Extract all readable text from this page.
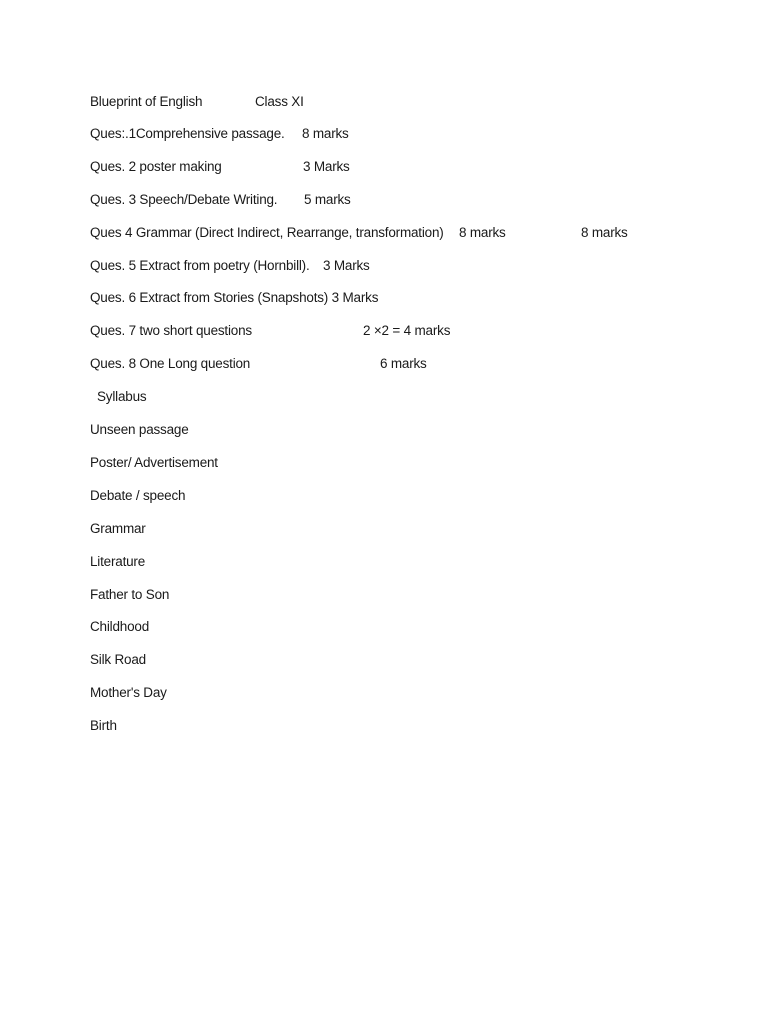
Blueprint of English	Class XI
Ques:.1Comprehensive passage. 8 marks
Ques. 2 poster making	3 Marks
Ques. 3 Speech/Debate Writing. 5 marks
Ques 4 Grammar (Direct Indirect, Rearrange, transformation) 8 marks	8 marks
Ques. 5 Extract from poetry (Hornbill). 3 Marks
Ques. 6 Extract from Stories (Snapshots) 3 Marks
Ques. 7 two short questions	2 ×2 = 4 marks
Ques. 8 One Long question	6 marks
Syllabus
Unseen passage
Poster/ Advertisement
Debate / speech
Grammar
Literature
Father to Son
Childhood
Silk Road
Mother's Day
Birth
